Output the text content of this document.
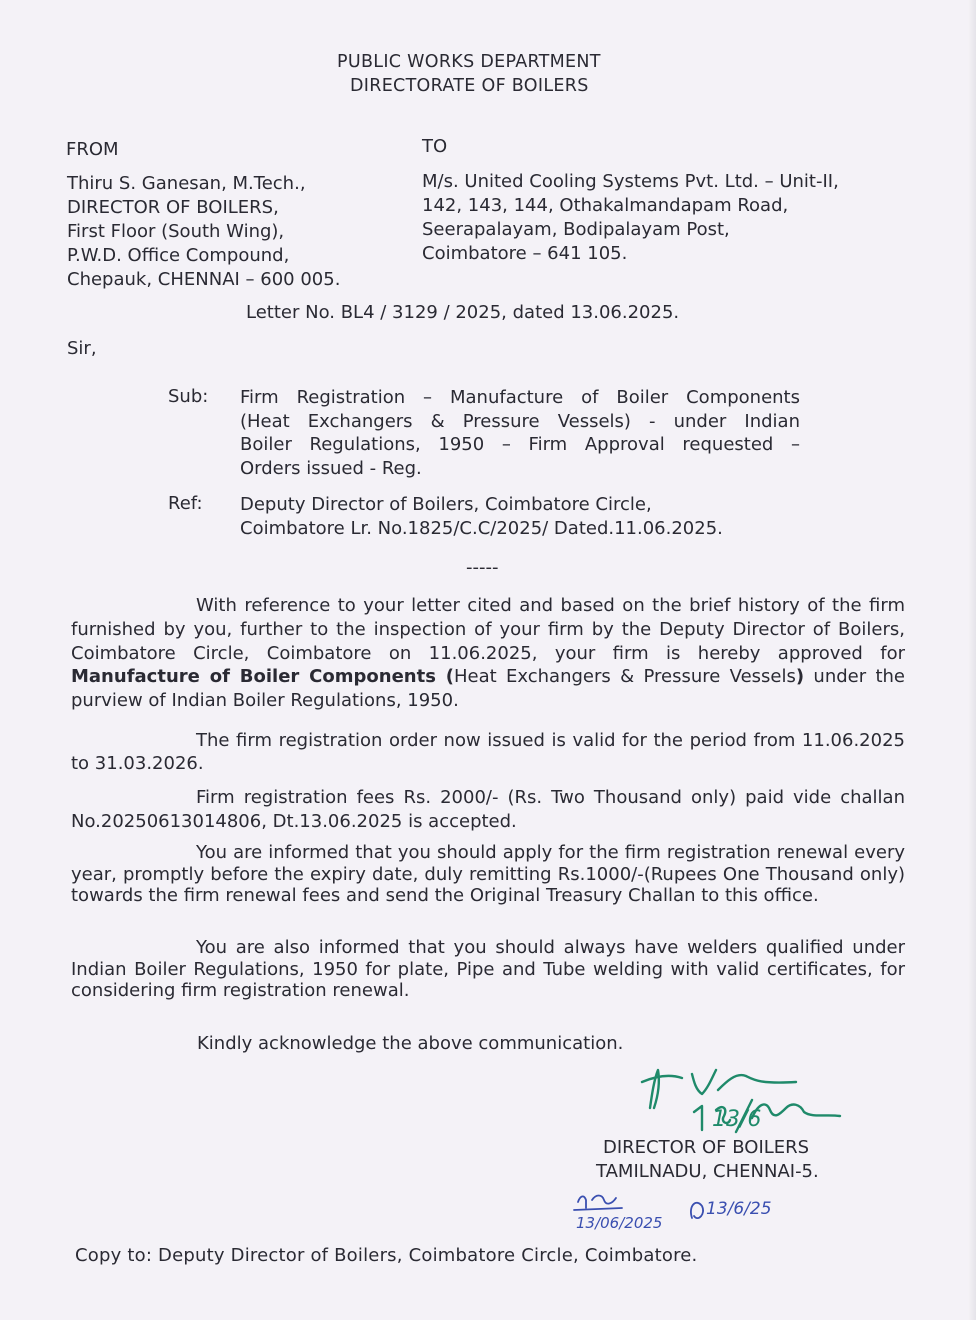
PUBLIC WORKS DEPARTMENT
DIRECTORATE OF BOILERS
FROM
Thiru S. Ganesan, M.Tech.,
DIRECTOR OF BOILERS,
First Floor (South Wing),
P.W.D. Office Compound,
Chepauk, CHENNAI – 600 005.
TO
M/s. United Cooling Systems Pvt. Ltd. – Unit-II,
142, 143, 144, Othakalmandapam Road,
Seerapalayam, Bodipalayam Post,
Coimbatore – 641 105.
Letter No. BL4 / 3129 / 2025, dated 13.06.2025.
Sir,
Sub: Firm Registration – Manufacture of Boiler Components
(Heat Exchangers & Pressure Vessels) - under Indian
Boiler Regulations, 1950 – Firm Approval requested –
Orders issued - Reg.
Ref: Deputy Director of Boilers, Coimbatore Circle,
Coimbatore Lr. No.1825/C.C/2025/ Dated.11.06.2025.
-----
With reference to your letter cited and based on the brief history of the firm furnished by you, further to the inspection of your firm by the Deputy Director of Boilers, Coimbatore Circle, Coimbatore on 11.06.2025, your firm is hereby approved for Manufacture of Boiler Components (Heat Exchangers & Pressure Vessels) under the purview of Indian Boiler Regulations, 1950.
The firm registration order now issued is valid for the period from 11.06.2025 to 31.03.2026.
Firm registration fees Rs. 2000/- (Rs. Two Thousand only) paid vide challan No.20250613014806, Dt.13.06.2025 is accepted.
You are informed that you should apply for the firm registration renewal every year, promptly before the expiry date, duly remitting Rs.1000/-(Rupees One Thousand only) towards the firm renewal fees and send the Original Treasury Challan to this office.
You are also informed that you should always have welders qualified under Indian Boiler Regulations, 1950 for plate, Pipe and Tube welding with valid certificates, for considering firm registration renewal.
Kindly acknowledge the above communication.
13/6
DIRECTOR OF BOILERS
TAMILNADU, CHENNAI-5.
13/06/2025
13/6/25
Copy to: Deputy Director of Boilers, Coimbatore Circle, Coimbatore.
